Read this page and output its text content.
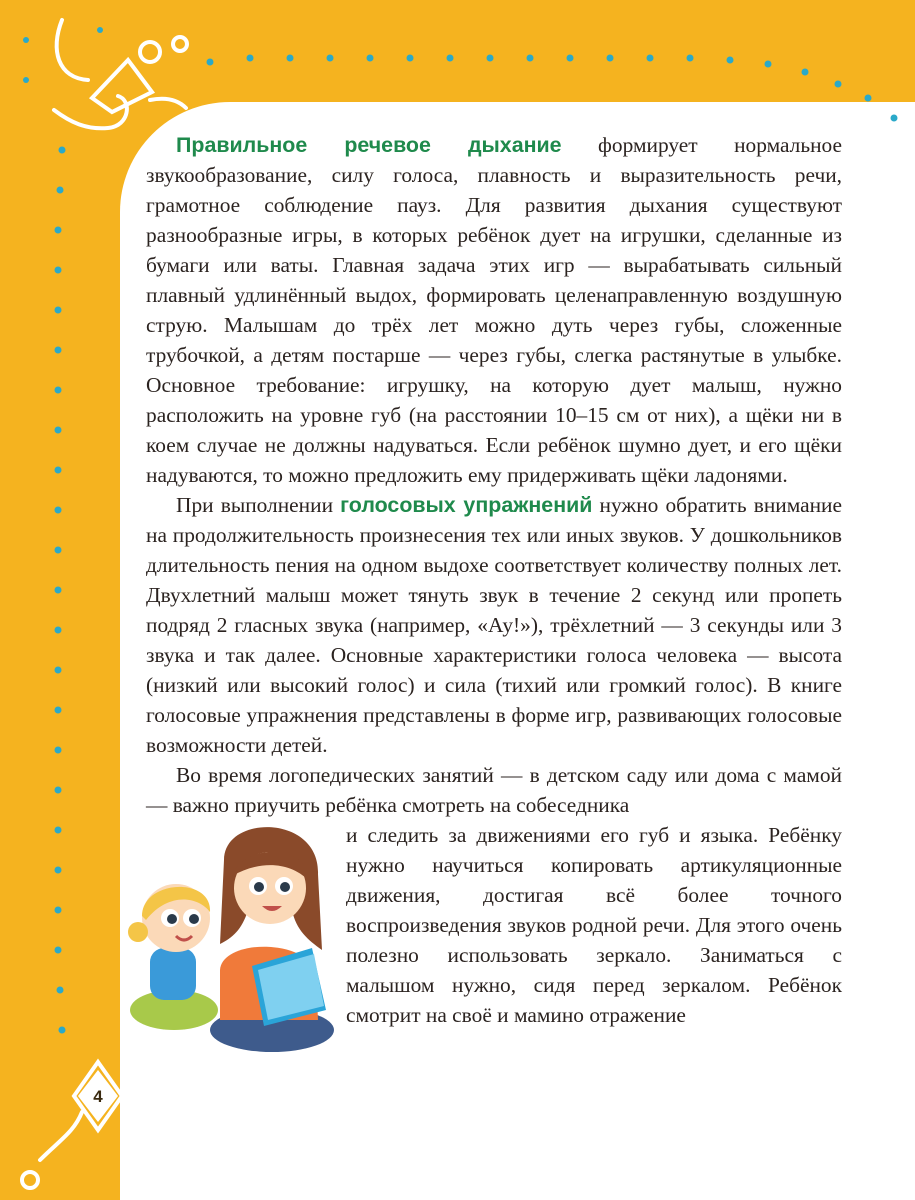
Правильное речевое дыхание формирует нормальное звукообразование, силу голоса, плавность и выразительность речи, грамотное соблюдение пауз. Для развития дыхания существуют разнообразные игры, в которых ребёнок дует на игрушки, сделанные из бумаги или ваты. Главная задача этих игр — вырабатывать сильный плавный удлинённый выдох, формировать целенаправленную воздушную струю. Малышам до трёх лет можно дуть через губы, сложенные трубочкой, а детям постарше — через губы, слегка растянутые в улыбке. Основное требование: игрушку, на которую дует малыш, нужно расположить на уровне губ (на расстоянии 10–15 см от них), а щёки ни в коем случае не должны надуваться. Если ребёнок шумно дует, и его щёки надуваются, то можно предложить ему придерживать щёки ладонями.

При выполнении голосовых упражнений нужно обратить внимание на продолжительность произнесения тех или иных звуков. У дошкольников длительность пения на одном выдохе соответствует количеству полных лет. Двухлетний малыш может тянуть звук в течение 2 секунд или пропеть подряд 2 гласных звука (например, «Ау!»), трёхлетний — 3 секунды или 3 звука и так далее. Основные характеристики голоса человека — высота (низкий или высокий голос) и сила (тихий или громкий голос). В книге голосовые упражнения представлены в форме игр, развивающих голосовые возможности детей.

Во время логопедических занятий — в детском саду или дома с мамой — важно приучить ребёнка смотреть на собеседника

и следить за движениями его губ и языка. Ребёнку нужно научиться копировать артикуляционные движения, достигая всё более точного воспроизведения звуков родной речи. Для этого очень полезно использовать зеркало. Заниматься с малышом нужно, сидя перед зеркалом. Ребёнок смотрит на своё и мамино отражение

4
